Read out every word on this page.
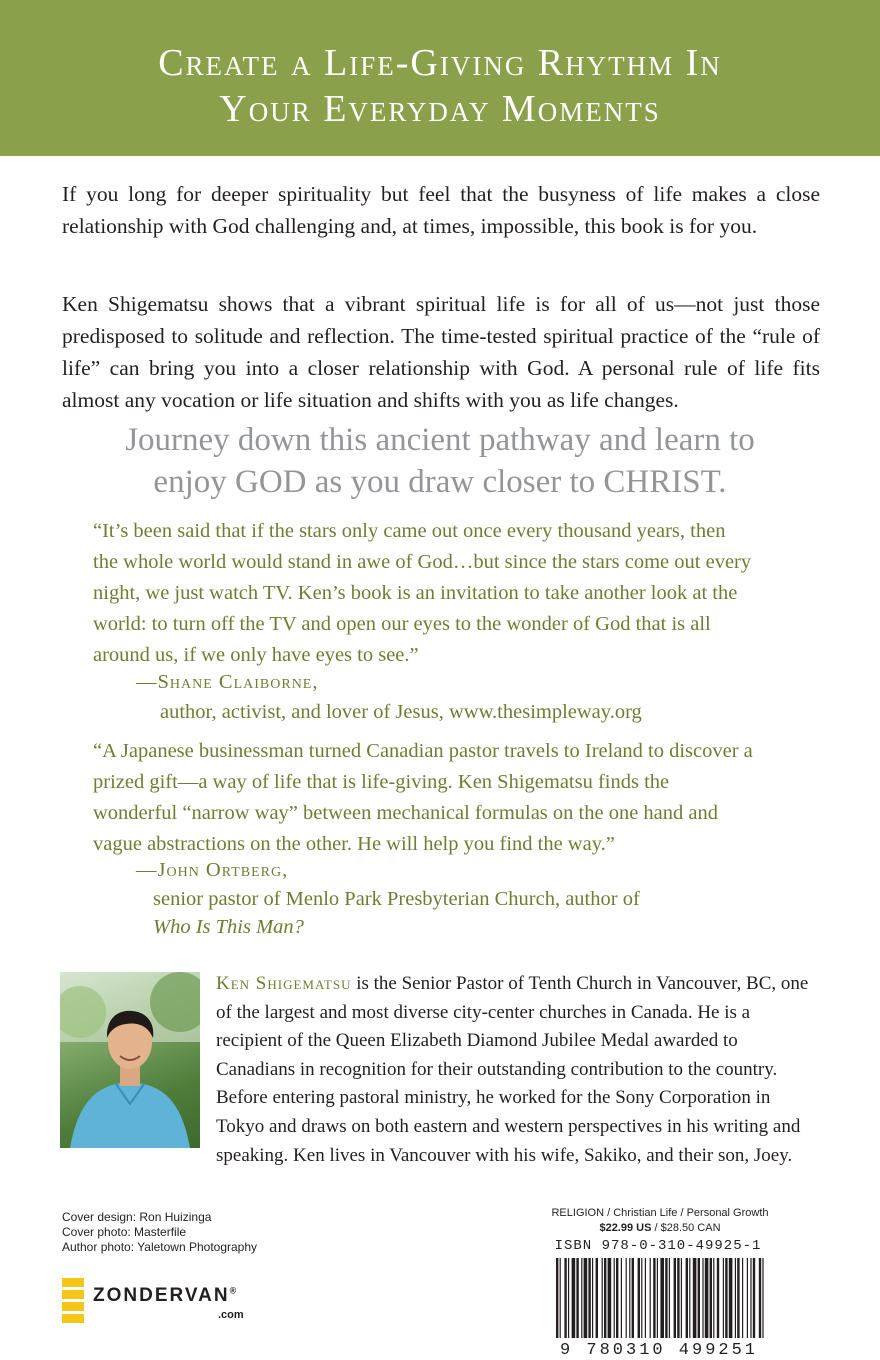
Create a Life-Giving Rhythm In
Your Everyday Moments

If you long for deeper spirituality but feel that the busyness of life makes a close relationship with God challenging and, at times, impossible, this book is for you.

Ken Shigematsu shows that a vibrant spiritual life is for all of us––not just those predisposed to solitude and reflection. The time-tested spiritual practice of the “rule of life” can bring you into a closer relationship with God. A personal rule of life fits almost any vocation or life situation and shifts with you as life changes.

Journey down this ancient pathway and learn to
enjoy GOD as you draw closer to CHRIST.

“It’s been said that if the stars only came out once every thousand years, then the whole world would stand in awe of God…but since the stars come out every night, we just watch TV. Ken’s book is an invitation to take another look at the world: to turn off the TV and open our eyes to the wonder of God that is all around us, if we only have eyes to see.”

—Shane Claiborne,
author, activist, and lover of Jesus, www.thesimpleway.org

“A Japanese businessman turned Canadian pastor travels to Ireland to discover a prized gift—a way of life that is life-giving. Ken Shigematsu finds the wonderful “narrow way” between mechanical formulas on the one hand and vague abstractions on the other. He will help you find the way.”

—John Ortberg,
senior pastor of Menlo Park Presbyterian Church, author of
Who Is This Man?

Ken Shigematsu is the Senior Pastor of Tenth Church in Vancouver, BC, one of the largest and most diverse city-center churches in Canada. He is a recipient of the Queen Elizabeth Diamond Jubilee Medal awarded to Canadians in recognition for their outstanding contribution to the country. Before entering pastoral ministry, he worked for the Sony Corporation in Tokyo and draws on both eastern and western perspectives in his writing and speaking. Ken lives in Vancouver with his wife, Sakiko, and their son, Joey.

Cover design: Ron Huizinga
Cover photo: Masterfile
Author photo: Yaletown Photography
ZONDERVAN®
.com
RELIGION / Christian Life / Personal Growth
$22.99 US / $28.50 CAN
ISBN 978-0-310-49925-1
9 780310 499251
